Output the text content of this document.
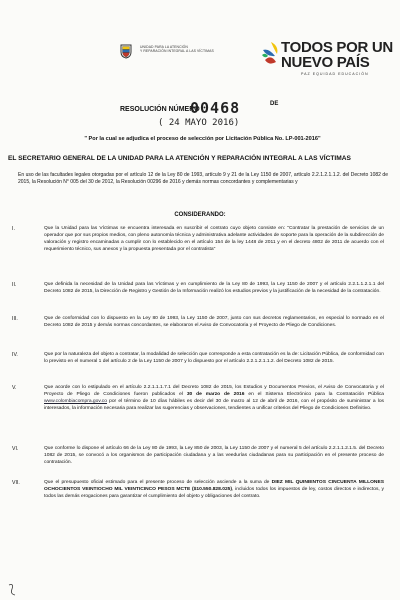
UNIDAD PARA LA ATENCIÓN
Y REPARACIÓN INTEGRAL A LAS VÍCTIMAS	TODOS POR UN
NUEVO PAÍS
PAZ EQUIDAD EDUCACIÓN
RESOLUCIÓN NÚMERO
00468	DE
( 24 MAYO 2016)
" Por la cual se adjudica el proceso de selección por Licitación Pública No. LP-001-2016"
EL SECRETARIO GENERAL DE LA UNIDAD PARA LA ATENCIÓN Y REPARACIÓN INTEGRAL A LAS VÍCTIMAS
En uso de las facultades legales otorgadas por el artículo 12 de la Ley 80 de 1993, artículo 9 y 21 de la Ley 1150 de 2007, artículo 2.2.1.2.1.1.2. del Decreto 1082 de 2015, la Resolución N° 005 del 30 de 2012, la Resolución 00296 de 2016 y demás normas concordantes y complementarias y
CONSIDERANDO:
I.	Que la Unidad para las Víctimas se encuentra interesada en suscribir el contrato cuyo objeto consiste en: "Contratar la prestación de servicios de un operador que por sus propios medios, con pleno autonomía técnica y administrativa adelante actividades de soporte para la operación de la subdirección de valoración y registro encaminadas a cumplir con lo establecido en el artículo 154 de la ley 1448 de 2011 y en el decreto 4802 de 2011 de acuerdo con el requerimiento técnico, sus anexos y la propuesta presentada por el contratista"
II.	Que definida la necesidad de la Unidad para las Víctimas y en cumplimiento de la Ley 80 de 1993, la Ley 1150 de 2007 y el artículo 2.2.1.1.2.1.1 del Decreto 1082 de 2015, la Dirección de Registro y Gestión de la Información realizó los estudios previos y la justificación de la necesidad de la contratación.
III.	Que de conformidad con lo dispuesto en la Ley 80 de 1993, la Ley 1150 de 2007, junto con sus decretos reglamentarios, en especial lo normado en el Decreto 1082 de 2015 y demás normas concordantes, se elaboraron el Aviso de Convocatoria y el Proyecto de Pliego de Condiciones.
IV.	Que por la naturaleza del objeto a contratar, la modalidad de selección que corresponde a esta contratación es la de: Licitación Pública, de conformidad con lo previsto en el numeral 1 del artículo 2 de la Ley 1150 de 2007 y lo dispuesto por el artículo 2.2.1.2.1.1.2. del Decreto 1082 de 2015.
V.	Que acorde con lo estipulado en el artículo 2.2.1.1.1.7.1 del Decreto 1082 de 2015, los Estudios y Documentos Previos, el Aviso de Convocatoria y el Proyecto de Pliego de Condiciones fueron publicados el 30 de marzo de 2016 en el Sistema Electrónico para la Contratación Pública www.colombiacompra.gov.co por el término de 10 días hábiles es decir del 30 de marzo al 12 de abril de 2016, con el propósito de suministrar a los interesados, la información necesaria para realizar las sugerencias y observaciones, tendientes a unificar criterios del Pliego de Condiciones Definitivo.
VI.	Que conforme lo dispone el artículo 66 de la Ley 80 de 1993, la Ley 850 de 2003, la Ley 1150 de 2007 y el numeral 5 del artículo 2.2.1.1.2.1.5. del Decreto 1082 de 2015, se convocó a los organismos de participación ciudadana y a las veedurías ciudadanas para su participación en el presente proceso de contratación.
VII.	Que el presupuesto oficial estimado para el presente proceso de selección asciende a la suma de DIEZ MIL QUINIENTOS CINCUENTA MILLONES OCHOCIENTOS VEINTIOCHO MIL VEINTICINCO PESOS MCTE ($10.550.828.025), incluidos todos los impuestos de ley, costos directos e indirectos, y todos las demás erogaciones para garantizar el cumplimiento del objeto y obligaciones del contrato.
